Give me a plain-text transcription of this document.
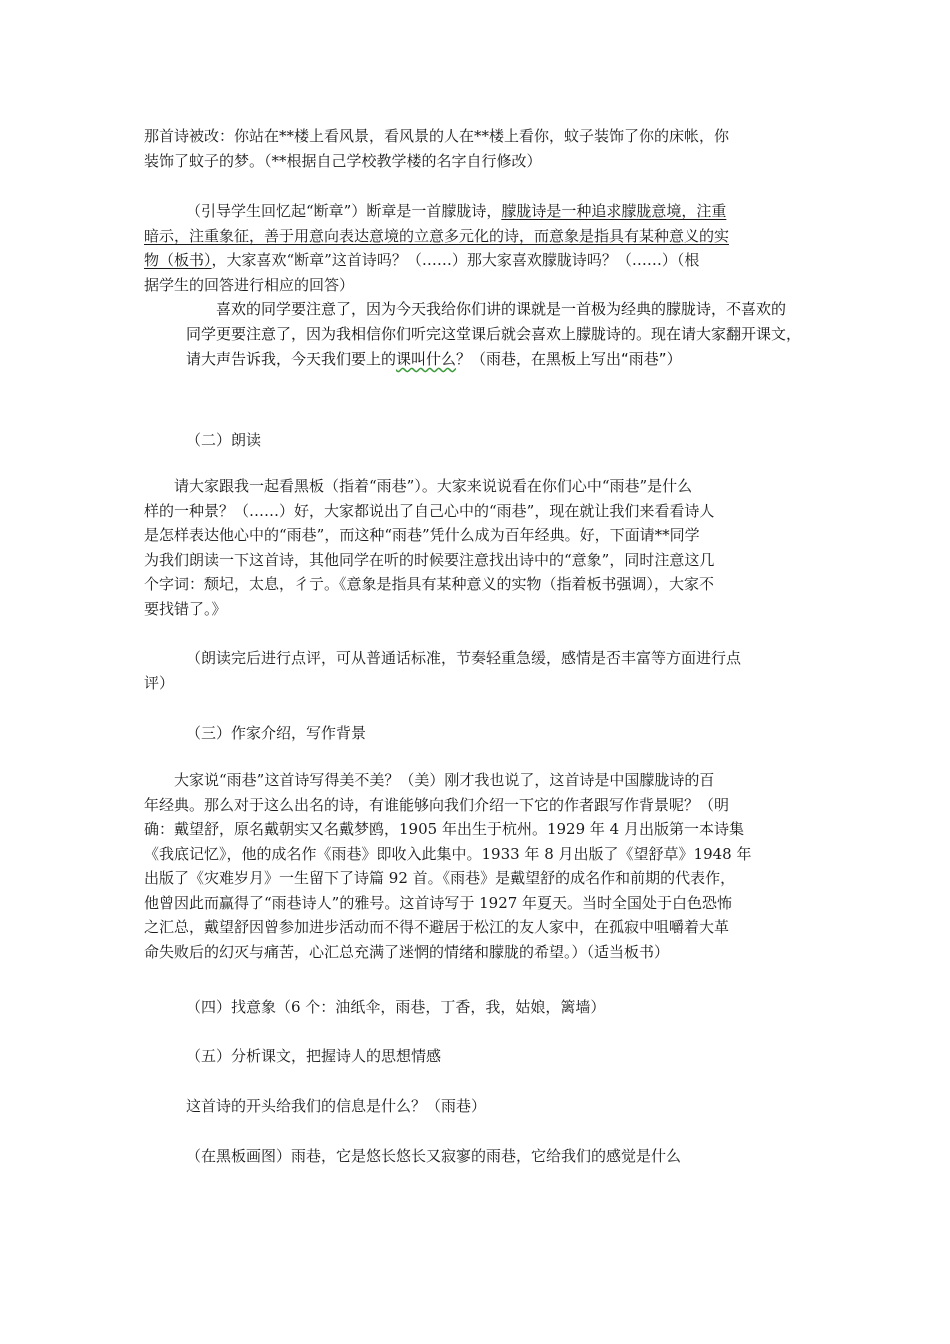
那首诗被改：你站在**楼上看风景，看风景的人在**楼上看你，蚊子装饰了你的床帐，你
装饰了蚊子的梦。（**根据自己学校教学楼的名字自行修改）
（引导学生回忆起“断章”）断章是一首朦胧诗，朦胧诗是一种追求朦胧意境，注重
暗示，注重象征，善于用意向表达意境的立意多元化的诗，而意象是指具有某种意义的实
物（板书），大家喜欢“断章”这首诗吗？（……）那大家喜欢朦胧诗吗？（……）（根
据学生的回答进行相应的回答）
喜欢的同学要注意了，因为今天我给你们讲的课就是一首极为经典的朦胧诗，不喜欢的
同学更要注意了，因为我相信你们听完这堂课后就会喜欢上朦胧诗的。现在请大家翻开课文，
请大声告诉我，今天我们要上的课叫什么？（雨巷，在黑板上写出“雨巷”）

（二）朗读

请大家跟我一起看黑板（指着“雨巷”）。大家来说说看在你们心中“雨巷”是什么
样的一种景？（……）好，大家都说出了自己心中的“雨巷”，现在就让我们来看看诗人
是怎样表达他心中的“雨巷”，而这种“雨巷”凭什么成为百年经典。好，下面请**同学
为我们朗读一下这首诗，其他同学在听的时候要注意找出诗中的“意象”，同时注意这几
个字词：颓圮，太息，彳亍。《意象是指具有某种意义的实物（指着板书强调），大家不
要找错了。》
（朗读完后进行点评，可从普通话标准，节奏轻重急缓，感情是否丰富等方面进行点
评）

（三）作家介绍，写作背景

大家说“雨巷”这首诗写得美不美？（美）刚才我也说了，这首诗是中国朦胧诗的百
年经典。那么对于这么出名的诗，有谁能够向我们介绍一下它的作者跟写作背景呢？（明
确：戴望舒，原名戴朝实又名戴梦鸥，1905 年出生于杭州。1929 年 4 月出版第一本诗集
《我底记忆》，他的成名作《雨巷》即收入此集中。1933 年 8 月出版了《望舒草》1948 年
出版了《灾难岁月》一生留下了诗篇 92 首。《雨巷》是戴望舒的成名作和前期的代表作，
他曾因此而赢得了“雨巷诗人”的雅号。这首诗写于 1927 年夏天。当时全国处于白色恐怖
之汇总，戴望舒因曾参加进步活动而不得不避居于松江的友人家中，在孤寂中咀嚼着大革
命失败后的幻灭与痛苦，心汇总充满了迷惘的情绪和朦胧的希望。）（适当板书）

（四）找意象（6 个：油纸伞，雨巷，丁香，我，姑娘，篱墙）

（五）分析课文，把握诗人的思想情感

这首诗的开头给我们的信息是什么？（雨巷）

（在黑板画图）雨巷，它是悠长悠长又寂寥的雨巷，它给我们的感觉是什么
